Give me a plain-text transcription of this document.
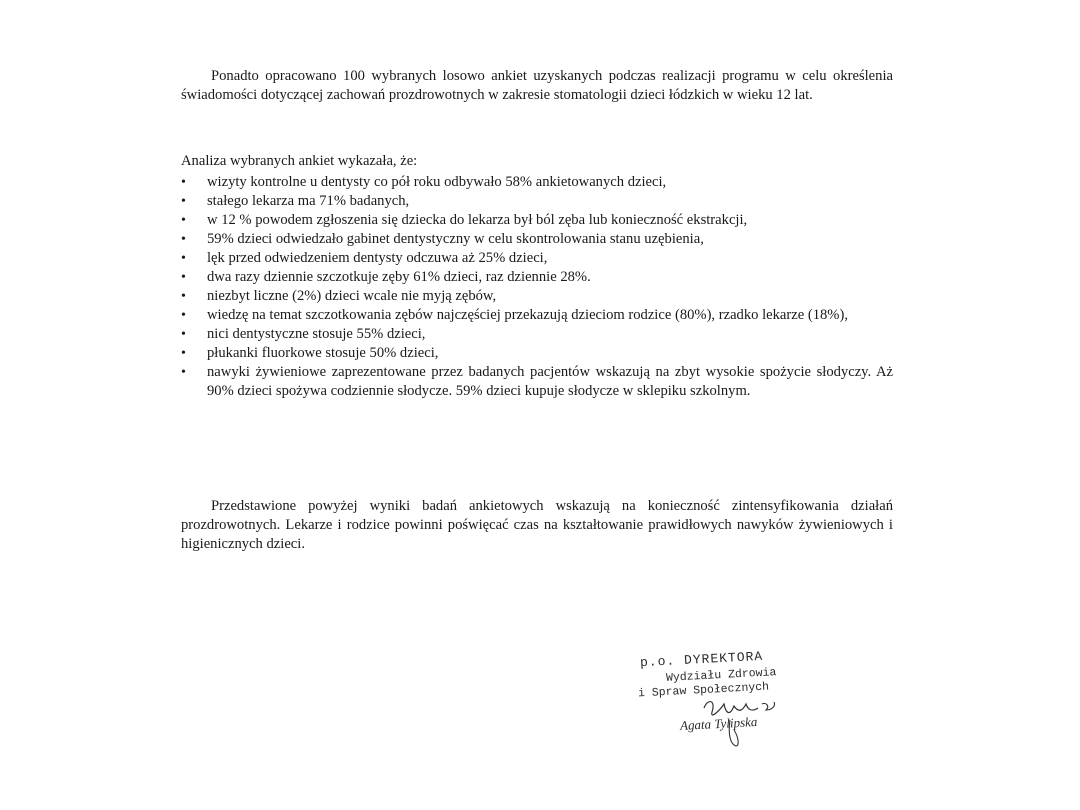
Ponadto opracowano 100 wybranych losowo ankiet uzyskanych podczas realizacji programu w celu określenia świadomości dotyczącej zachowań prozdrowotnych w zakresie stomatologii dzieci łódzkich w wieku 12 lat.

Analiza wybranych ankiet wykazała, że:

• wizyty kontrolne u dentysty co pół roku odbywało 58% ankietowanych dzieci,
• stałego lekarza ma 71% badanych,
• w 12 % powodem zgłoszenia się dziecka do lekarza był ból zęba lub konieczność ekstrakcji,
• 59% dzieci odwiedzało gabinet dentystyczny w celu skontrolowania stanu uzębienia,
• lęk przed odwiedzeniem dentysty odczuwa aż 25% dzieci,
• dwa razy dziennie szczotkuje zęby 61% dzieci, raz dziennie 28%.
• niezbyt liczne (2%) dzieci wcale nie myją zębów,
• wiedzę na temat szczotkowania zębów najczęściej przekazują dzieciom rodzice (80%), rzadko lekarze (18%),
• nici dentystyczne stosuje 55% dzieci,
• płukanki fluorkowe stosuje 50% dzieci,
• nawyki żywieniowe zaprezentowane przez badanych pacjentów wskazują na zbyt wysokie spożycie słodyczy. Aż 90% dzieci spożywa codziennie słodycze. 59% dzieci kupuje słodycze w sklepiku szkolnym.

Przedstawione powyżej wyniki badań ankietowych wskazują na konieczność zintensyfikowania działań prozdrowotnych. Lekarze i rodzice powinni poświęcać czas na kształtowanie prawidłowych nawyków żywieniowych i higienicznych dzieci.

p.o. DYREKTORA

Wydziału Zdrowia

i Spraw Społecznych

Agata Tylipska
